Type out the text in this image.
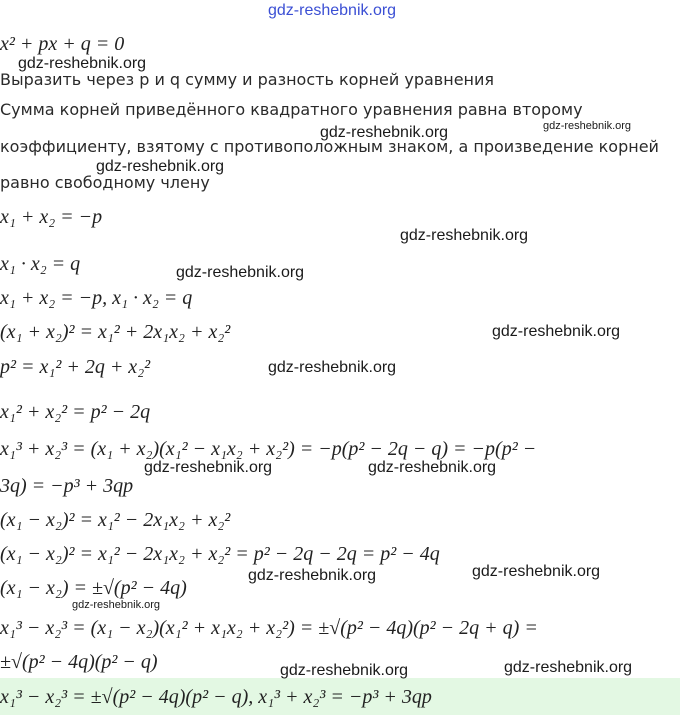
gdz-reshebnik.org
x² + px + q = 0
gdz-reshebnik.org
Выразить через p и q сумму и разность корней уравнения
Сумма корней приведённого квадратного уравнения равна второму
gdz-reshebnik.org
gdz-reshebnik.org
коэффициенту, взятому с противоположным знаком, а произведение корней
gdz-reshebnik.org
равно свободному члену
x₁ + x₂ = −p
gdz-reshebnik.org
x₁ · x₂ = q	gdz-reshebnik.org
x₁ + x₂ = −p, x₁ · x₂ = q
(x₁ + x₂)² = x₁² + 2x₁x₂ + x₂²	gdz-reshebnik.org
p² = x₁² + 2q + x₂²	gdz-reshebnik.org
x₁² + x₂² = p² − 2q
x₁³ + x₂³ = (x₁ + x₂)(x₁² − x₁x₂ + x₂²) = −p(p² − 2q − q) = −p(p² −
gdz-reshebnik.org	gdz-reshebnik.org
3q) = −p³ + 3qp
(x₁ − x₂)² = x₁² − 2x₁x₂ + x₂²
(x₁ − x₂)² = x₁² − 2x₁x₂ + x₂² = p² − 2q − 2q = p² − 4q
gdz-reshebnik.org
gdz-reshebnik.org
(x₁ − x₂) = ±√(p² − 4q)
gdz-reshebnik.org
x₁³ − x₂³ = (x₁ − x₂)(x₁² + x₁x₂ + x₂²) = ±√(p² − 4q)(p² − 2q + q) =
±√(p² − 4q)(p² − q)	gdz-reshebnik.org	gdz-reshebnik.org
x₁³ − x₂³ = ±√(p² − 4q)(p² − q), x₁³ + x₂³ = −p³ + 3qp
